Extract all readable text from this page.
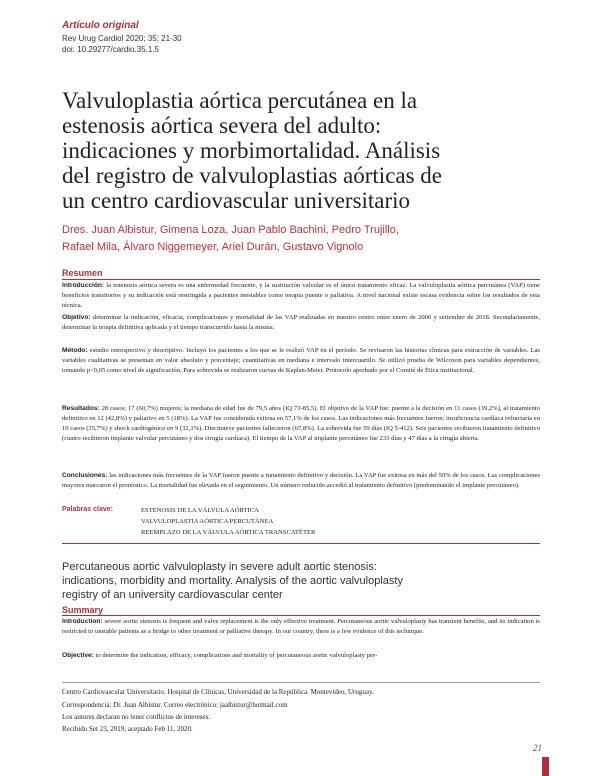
Artículo original
Rev Urug Cardiol 2020; 35: 21-30
doi: 10.29277/cardio.35.1.5
Valvuloplastia aórtica percutánea en la
estenosis aórtica severa del adulto:
indicaciones y morbimortalidad. Análisis
del registro de valvuloplastias aórticas de
un centro cardiovascular universitario
Dres. Juan Albistur, Gimena Loza, Juan Pablo Bachini, Pedro Trujillo,
Rafael Mila, Álvaro Niggemeyer, Ariel Durán, Gustavo Vignolo
Resumen
Introducción: la estenosis aórtica severa es una enfermedad frecuente, y la sustitución valvular es el único tratamiento eficaz. La valvuloplastia aórtica percutánea (VAP) tiene beneficios transitorios y su indicación está restringida a pacientes inestables como terapia puente o paliativa. A nivel nacional existe escasa evidencia sobre los resultados de esta técnica.
Objetivo: determinar la indicación, eficacia, complicaciones y mortalidad de las VAP realizadas en nuestro centro entre enero de 2006 y setiembre de 2018. Secundariamente, determinar la terapia definitiva aplicada y el tiempo transcurrido hasta la misma.
Método: estudio retrospectivo y descriptivo. Incluyó los pacientes a los que se le realizó VAP en el período. Se revisaron las historias clínicas para extracción de variables. Las variables cualitativas se presentan en valor absoluto y porcentaje; cuantitativas en mediana e intervalo intercuartilo. Se utilizó prueba de Wilcoxon para variables dependientes, tomando p<0,05 como nivel de significación. Para sobrevida se realizaron curvas de Kaplan-Meier. Protocolo aprobado por el Comité de Ética institucional.
Resultados: 28 casos; 17 (60,7%) mujeres; la mediana de edad fue de 79,5 años (IQ 73-85,5). El objetivo de la VAP fue: puente a la decisión en 11 casos (39,2%), al tratamiento definitivo en 12 (42,8%) y paliativo en 5 (18%). La VAP fue considerada exitosa en 57,1% de los casos. Las indicaciones más frecuentes fueron: insuficiencia cardíaca refractaria en 10 casos (35,7%) y shock cardiogénico en 9 (32,1%). Diecinueve pacientes fallecieron (67,8%). La sobrevida fue 59 días (IQ 5-412). Seis pacientes recibieron tratamiento definitivo (cuatro recibieron implante valvular percutáneo y dos cirugía cardíaca). El tiempo de la VAP al implante percutáneo fue 233 días y 47 días a la cirugía abierta.
Conclusiones: las indicaciones más frecuentes de la VAP fueron puente a tratamiento definitivo y decisión. La VAP fue exitosa en más del 50% de los casos. Las complicaciones mayores marcaron el pronóstico. La mortalidad fue elevada en el seguimiento. Un número reducido accedió al tratamiento definitivo (predominando el implante percutáneo).
Palabras clave:	ESTENOSIS DE LA VÁLVULA AÓRTICA
VALVULOPLASTIA AÓRTICA PERCUTÁNEA
REEMPLAZO DE LA VÁLVULA AÓRTICA TRANSCATÉTER
Percutaneous aortic valvuloplasty in severe adult aortic stenosis:
indications, morbidity and mortality. Analysis of the aortic valvuloplasty
registry of an university cardiovascular center
Summary
Introduction: severe aortic stenosis is frequent and valve replacement is the only effective treatment. Percutaneous aortic valvuloplasty has transient benefits, and its indication is restricted to unstable patients as a bridge to other treatment or palliative therapy. In our country, there is a few evidence of this technique.
Objective: to determine the indication, efficacy, complications and mortality of percutaneous aortic valvuloplasty per-
Centro Cardiovascular Universitario. Hospital de Clínicas, Universidad de la República. Montevideo, Uruguay.
Correspondencia: Dr. Juan Albistur. Correo electrónico: jaalbistur@hotmail.com
Los autores declaran no tener conflictos de intereses.
Recibido Set 23, 2019; aceptado Feb 11, 2020.
21
